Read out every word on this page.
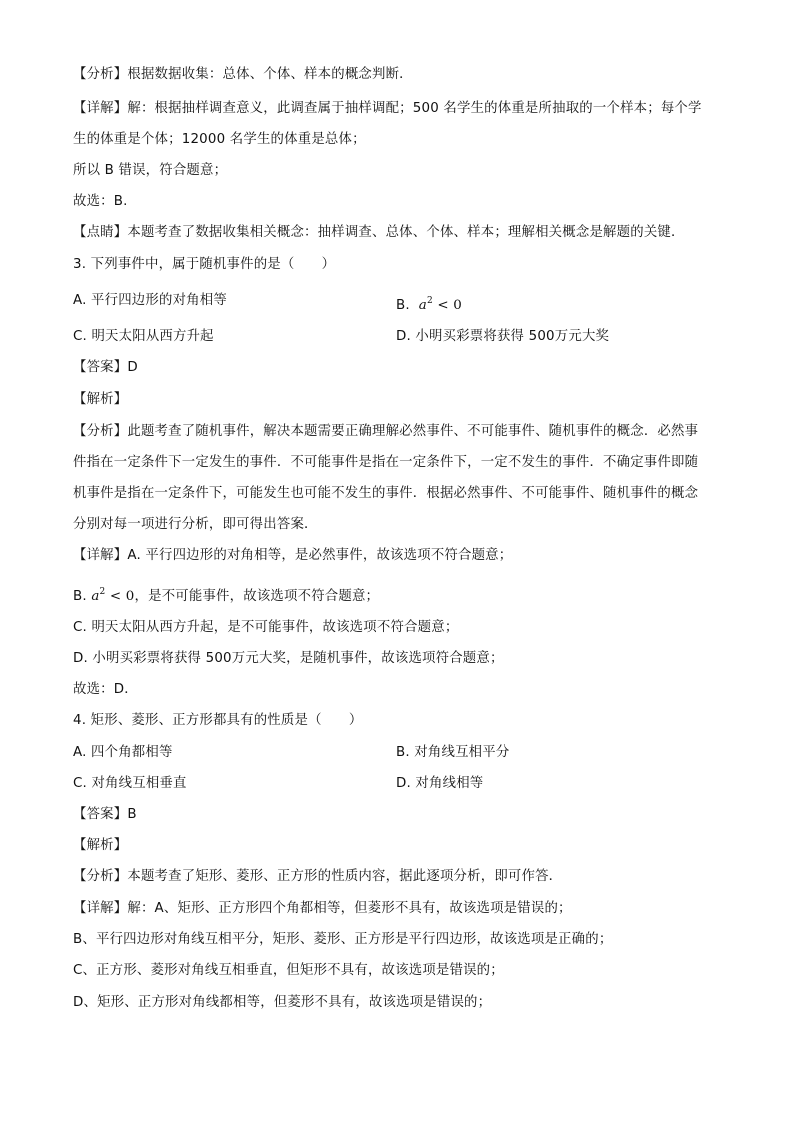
【分析】根据数据收集：总体、个体、样本的概念判断．
【详解】解：根据抽样调查意义，此调查属于抽样调配；500 名学生的体重是所抽取的一个样本；每个学
生的体重是个体；12000 名学生的体重是总体；
所以 B 错误，符合题意；
故选：B.
【点睛】本题考查了数据收集相关概念：抽样调查、总体、个体、样本；理解相关概念是解题的关键．
3. 下列事件中，属于随机事件的是（　　）
A. 平行四边形的对角相等	B. $a^2 < 0$
C. 明天太阳从西方升起	D. 小明买彩票将获得 500万元大奖
【答案】D
【解析】
【分析】此题考查了随机事件，解决本题需要正确理解必然事件、不可能事件、随机事件的概念．必然事
件指在一定条件下一定发生的事件．不可能事件是指在一定条件下，一定不发生的事件．不确定事件即随
机事件是指在一定条件下，可能发生也可能不发生的事件．根据必然事件、不可能事件、随机事件的概念
分别对每一项进行分析，即可得出答案．
【详解】A. 平行四边形的对角相等，是必然事件，故该选项不符合题意；
B. $a^2 < 0$，是不可能事件，故该选项不符合题意；
C. 明天太阳从西方升起，是不可能事件，故该选项不符合题意；
D. 小明买彩票将获得 500万元大奖，是随机事件，故该选项符合题意；
故选：D．
4. 矩形、菱形、正方形都具有的性质是（　　）
A. 四个角都相等	B. 对角线互相平分
C. 对角线互相垂直	D. 对角线相等
【答案】B
【解析】
【分析】本题考查了矩形、菱形、正方形的性质内容，据此逐项分析，即可作答．
【详解】解：A、矩形、正方形四个角都相等，但菱形不具有，故该选项是错误的；
B、平行四边形对角线互相平分，矩形、菱形、正方形是平行四边形，故该选项是正确的；
C、正方形、菱形对角线互相垂直，但矩形不具有，故该选项是错误的；
D、矩形、正方形对角线都相等，但菱形不具有，故该选项是错误的；
